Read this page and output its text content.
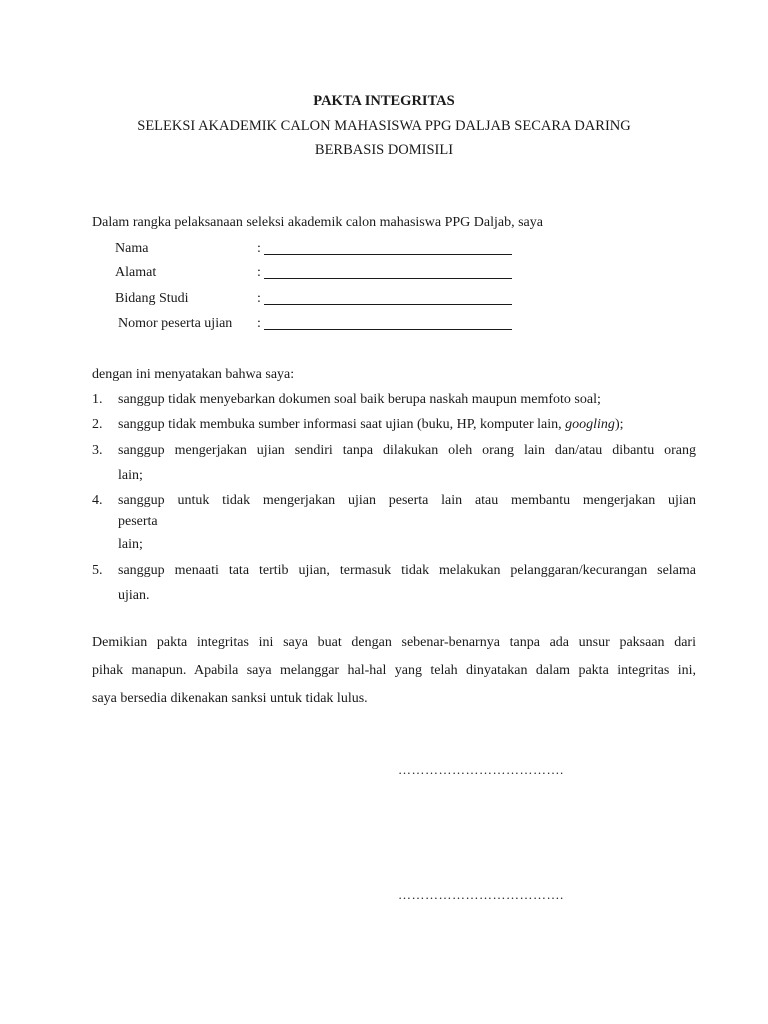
PAKTA INTEGRITAS
SELEKSI AKADEMIK CALON MAHASISWA PPG DALJAB SECARA DARING
BERBASIS DOMISILI
Dalam rangka pelaksanaan seleksi akademik calon mahasiswa PPG Daljab, saya
Nama	:
Alamat	:
Bidang Studi	:
Nomor peserta ujian :
dengan ini menyatakan bahwa saya:
1. sanggup tidak menyebarkan dokumen soal baik berupa naskah maupun memfoto soal;
2. sanggup tidak membuka sumber informasi saat ujian (buku, HP, komputer lain, googling);
3. sanggup mengerjakan ujian sendiri tanpa dilakukan oleh orang lain dan/atau dibantu orang
lain;
4. sanggup untuk tidak mengerjakan ujian peserta lain atau membantu mengerjakan ujian
peserta
lain;
5. sanggup menaati tata tertib ujian, termasuk tidak melakukan pelanggaran/kecurangan selama
ujian.
Demikian pakta integritas ini saya buat dengan sebenar-benarnya tanpa ada unsur paksaan dari
pihak manapun. Apabila saya melanggar hal-hal yang telah dinyatakan dalam pakta integritas ini,
saya bersedia dikenakan sanksi untuk tidak lulus.
……………………………….
……………………………….
